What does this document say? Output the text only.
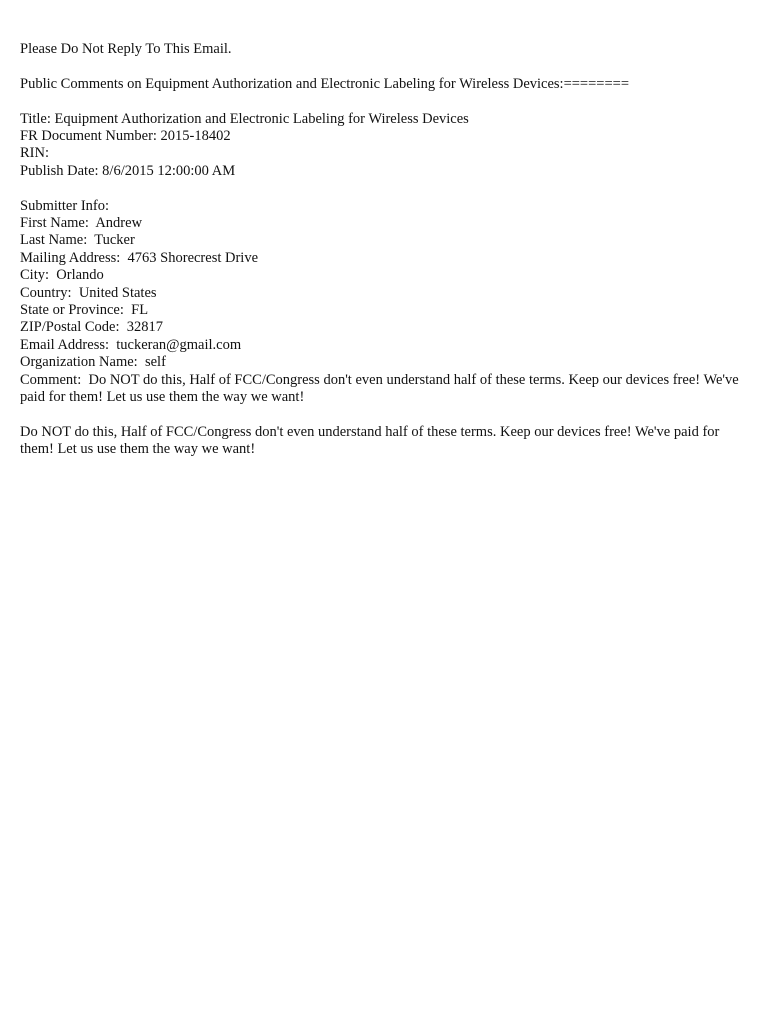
Please Do Not Reply To This Email.
Public Comments on Equipment Authorization and Electronic Labeling for Wireless Devices:========
Title: Equipment Authorization and Electronic Labeling for Wireless Devices
FR Document Number: 2015-18402
RIN:
Publish Date: 8/6/2015 12:00:00 AM
Submitter Info:
First Name: Andrew
Last Name: Tucker
Mailing Address: 4763 Shorecrest Drive
City: Orlando
Country: United States
State or Province: FL
ZIP/Postal Code: 32817
Email Address: tuckeran@gmail.com
Organization Name: self
Comment: Do NOT do this, Half of FCC/Congress don't even understand half of these terms. Keep our devices free! We've paid for them! Let us use them the way we want!
Do NOT do this, Half of FCC/Congress don't even understand half of these terms. Keep our devices free! We've paid for them! Let us use them the way we want!
